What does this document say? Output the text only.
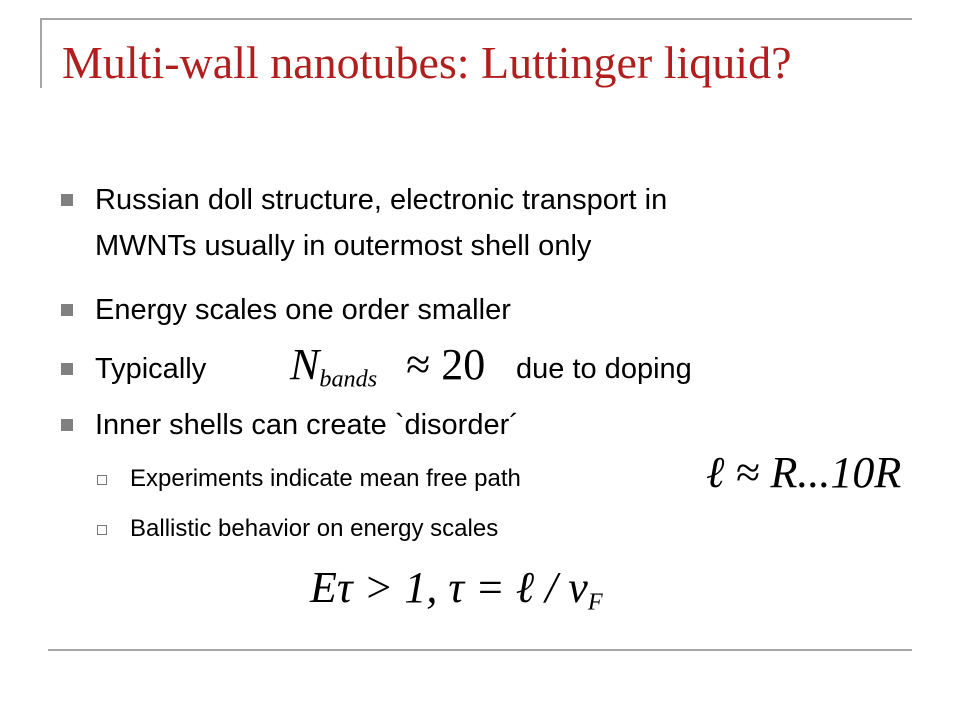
Multi-wall nanotubes: Luttinger liquid?
Russian doll structure, electronic transport in
MWNTs usually in outermost shell only
Energy scales one order smaller
Typically $N_{bands} \approx 20$ due to doping
Inner shells can create `disorder´
Experiments indicate mean free path	ℓ ≈ R...10R
Ballistic behavior on energy scales
Eτ > 1, τ = ℓ / $v_F$
